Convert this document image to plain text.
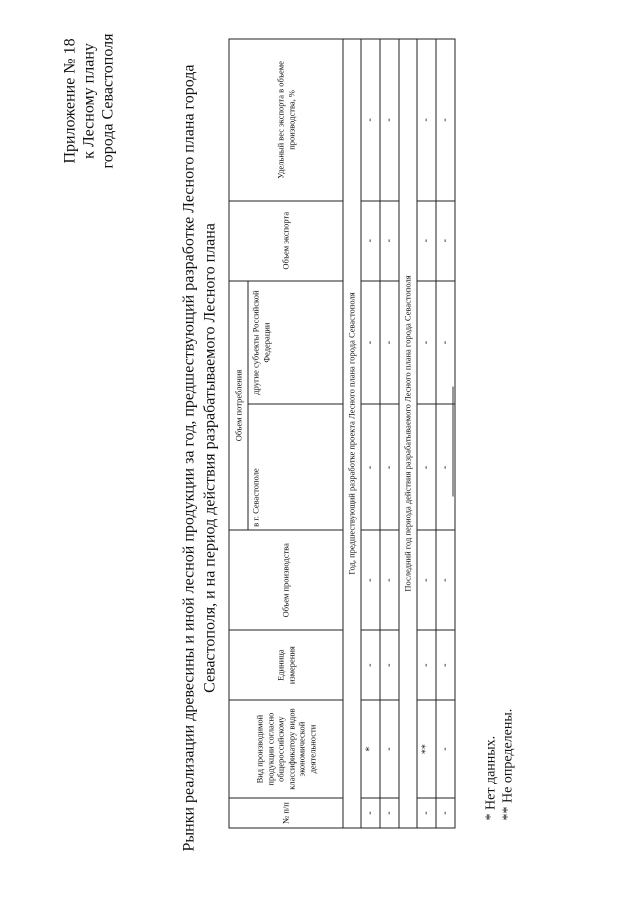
Приложение № 18 к Лесному плану города Севастополя	Рынки реализации древесины и иной лесной продукции за год, предшествующий разработке Лесного плана города Севастополя, и на период действия разрабатываемого Лесного плана
№ п/п	Вид производимой продукции согласно общероссийскому классификатору видов экономической деятельности	Единица измерения	Объем производства	Объем потребления		Объем экспорта	Удельный вес экспорта в объеме производства, %
				в г. Севастополе	другие субъекты Российской Федерации		
Год, предшествующий разработке проекта Лесного плана города Севастополя							
-	*	-	-	-	-	-	-
-	-	-	-	-	-	-	-
Последний год периода действия разрабатываемого Лесного плана города Севастополя							
-	**	-	-	-	-	-	-
-	-	-	-	-	-	-	-
* Нет данных. ** Не определены.
